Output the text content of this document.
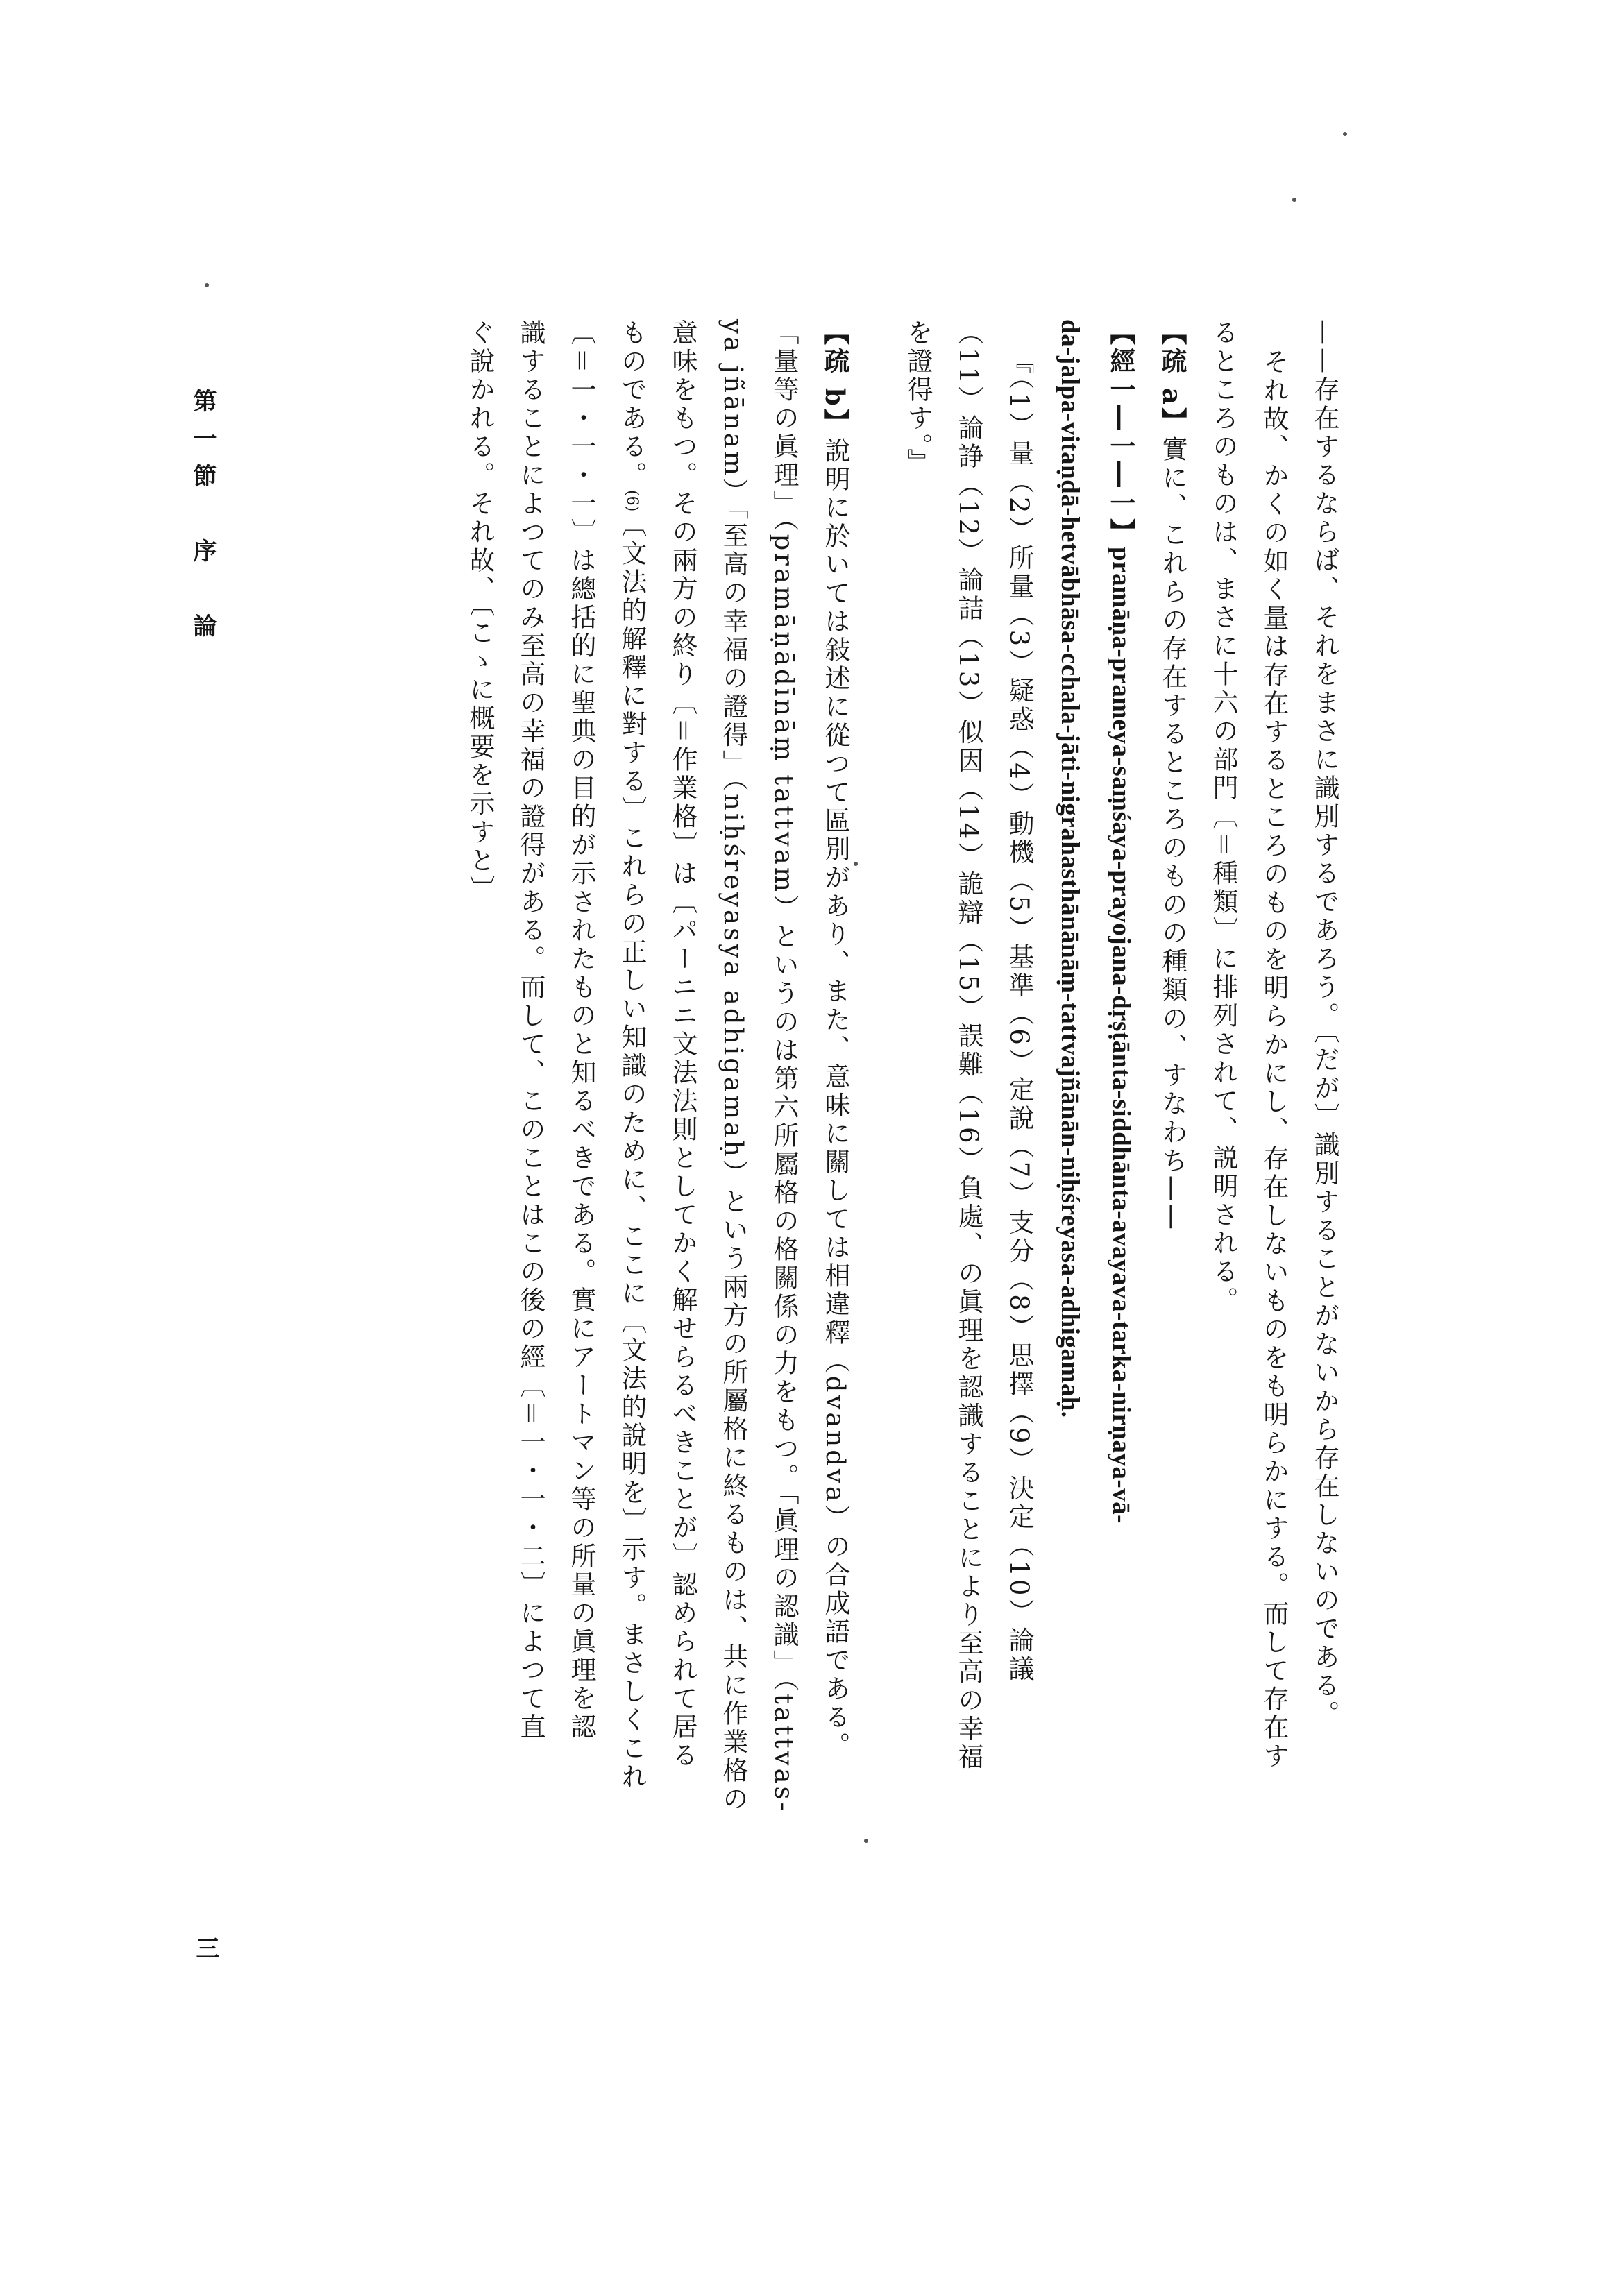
——存在するならば、それをまさに識別するであろう。〔だが〕識別することがないから存在しないのである。

それ故、かくの如く量は存在するところのものを明らかにし、存在しないものをも明らかにする。而して存在す

るところのものは、まさに十六の部門〔＝種類〕に排列されて、説明される。

【疏 a】實に、これらの存在するところのものの種類の、すなわち——

【經一―一―一】pramāṇa-prameya-saṃśaya-prayojana-dṛṣṭānta-siddhānta-avayava-tarka-nirṇaya-vā-

da-jalpa-vitaṇḍā-hetvābhāsa-cchala-jāti-nigrahasthānānāṃ-tattvajñānān-niḥśreyasa-adhigamaḥ.

『（1）量（2）所量（3）疑惑（4）動機（5）基準（6）定說（7）支分（8）思擇（9）決定（10）論議

（11）論諍（12）論詰（13）似因（14）詭辯（15）誤難（16）負處、の眞理を認識することにより至高の幸福

を證得す。』

【疏 b】說明に於いては敍述に從つて區別があり、また、意味に關しては相違釋（dvandva）の合成語である。

「量等の眞理」（pramāṇādīnāṃ tattvam）というのは第六所屬格の格關係の力をもつ。「眞理の認識」（tattvas-

ya jñānam）「至高の幸福の證得」（niḥśreyasya adhigamaḥ）という兩方の所屬格に終るものは、共に作業格の

意味をもつ。その兩方の終り〔＝作業格〕は〔パーニニ文法法則としてかく解せらるべきことが〕認められて居る

ものである。(6)〔文法的解釋に對する〕これらの正しい知識のために、ここに〔文法的說明を〕示す。まさしくこれ

〔＝一・一・一〕は總括的に聖典の目的が示されたものと知るべきである。實にアートマン等の所量の眞理を認

識することによつてのみ至高の幸福の證得がある。而して、このことはこの後の經〔＝一・一・二〕によつて直

ぐ說かれる。それ故、〔こゝに概要を示すと〕

第一節　序　論
三
